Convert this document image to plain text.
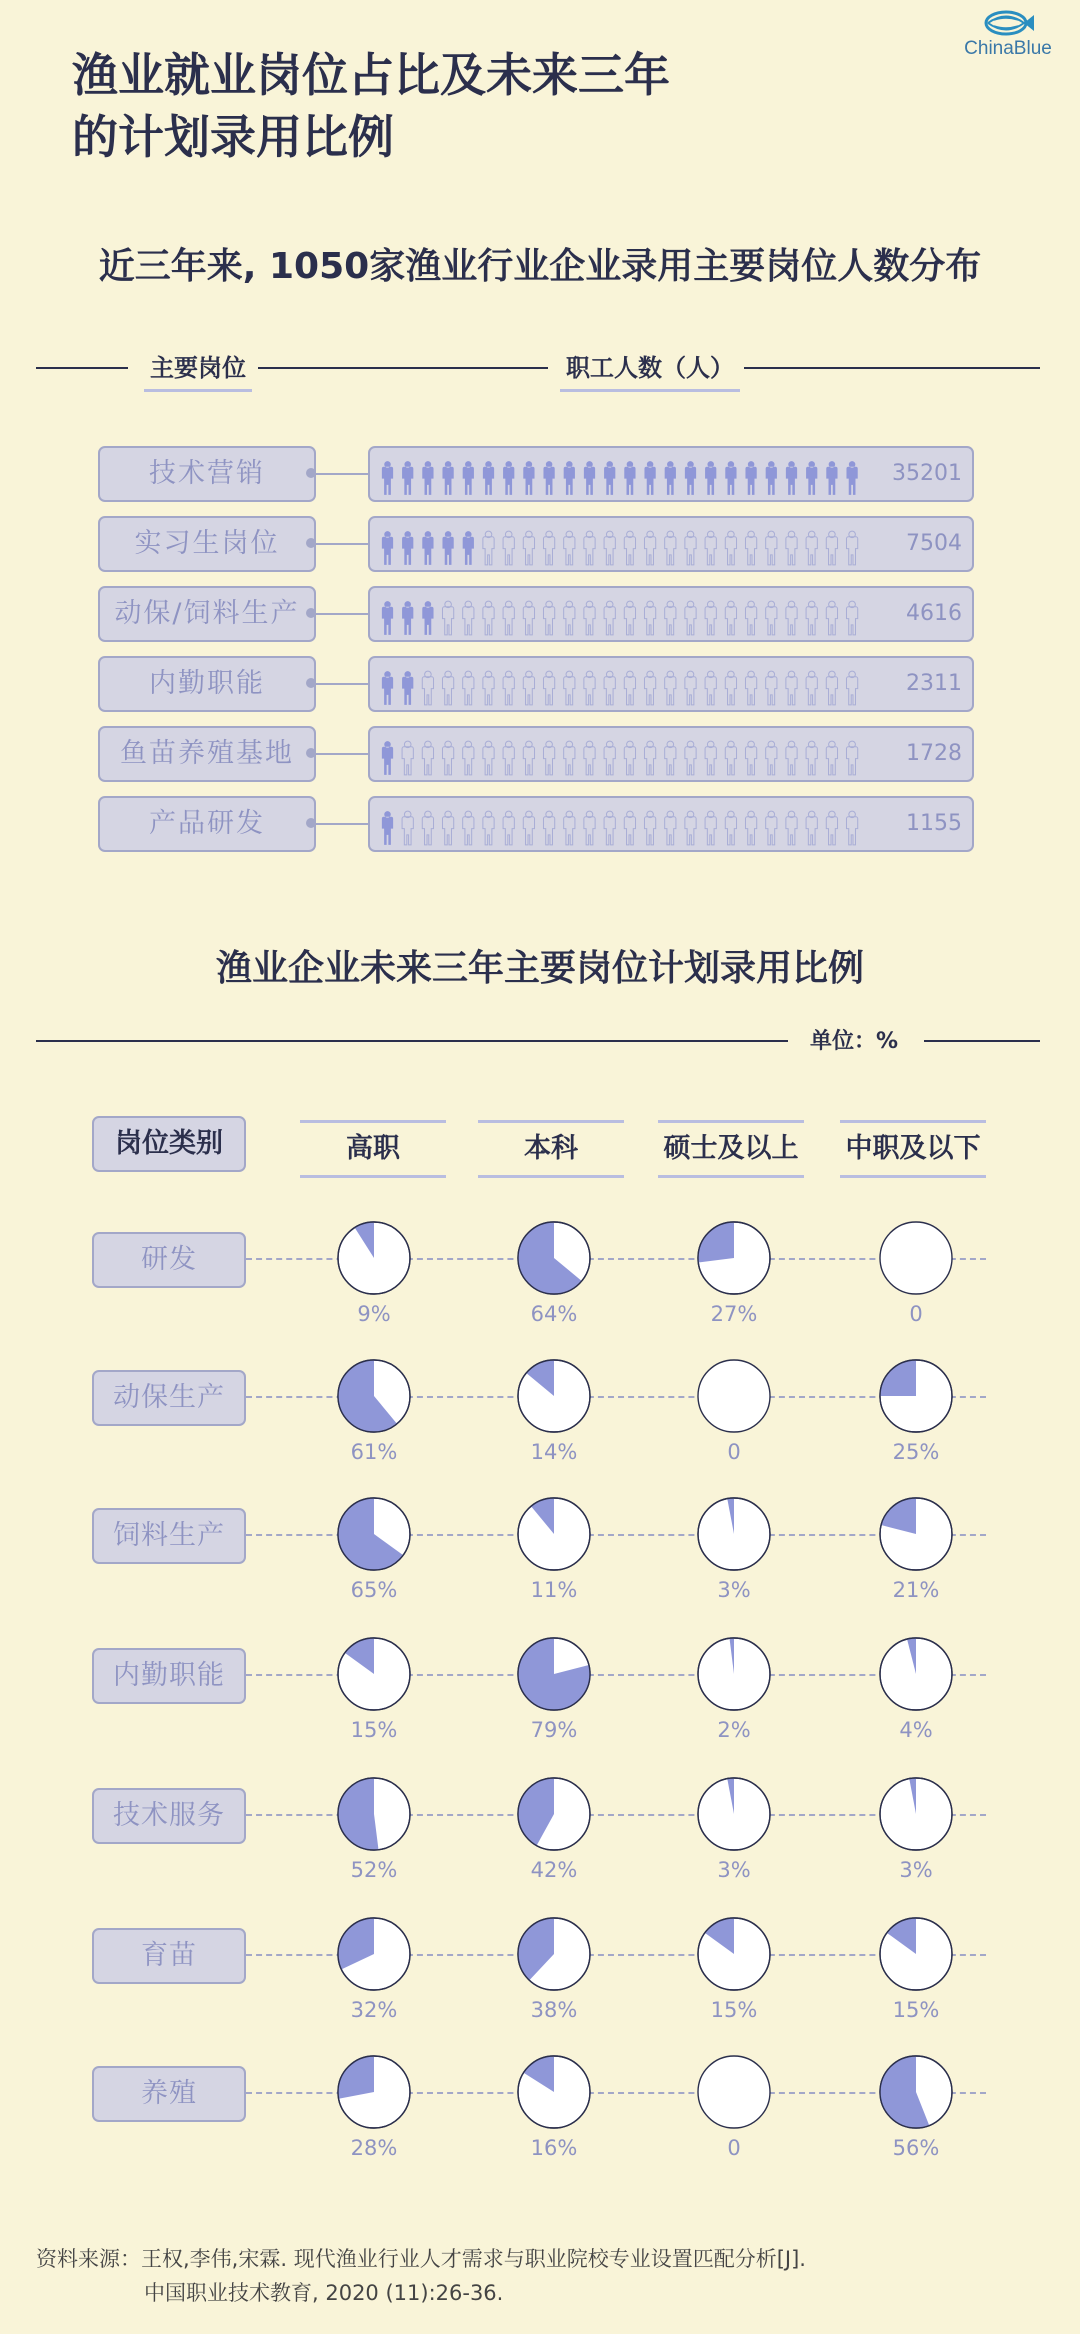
渔业就业岗位占比及未来三年
的计划录用比例
ChinaBlue
近三年来, 1050家渔业行业企业录用主要岗位人数分布
主要岗位	职工人数（人）
技术营销	35201
实习生岗位	7504
动保/饲料生产	4616
内勤职能	2311
鱼苗养殖基地	1728
产品研发	1155
渔业企业未来三年主要岗位计划录用比例
单位：%
岗位类别	高职	本科	硕士及以上 中职及以下
研发
9%	64%	27%	0
动保生产
61%	14%	0	25%
饲料生产
65%	11%	3%	21%
内勤职能
15%	79%	2%	4%
技术服务
52%	42%	3%	3%
育苗
32%	38%	15%	15%
养殖
28%	16%	0	56%
资料来源：王权,李伟,宋霖. 现代渔业行业人才需求与职业院校专业设置匹配分析[J].
中国职业技术教育, 2020 (11):26-36.
